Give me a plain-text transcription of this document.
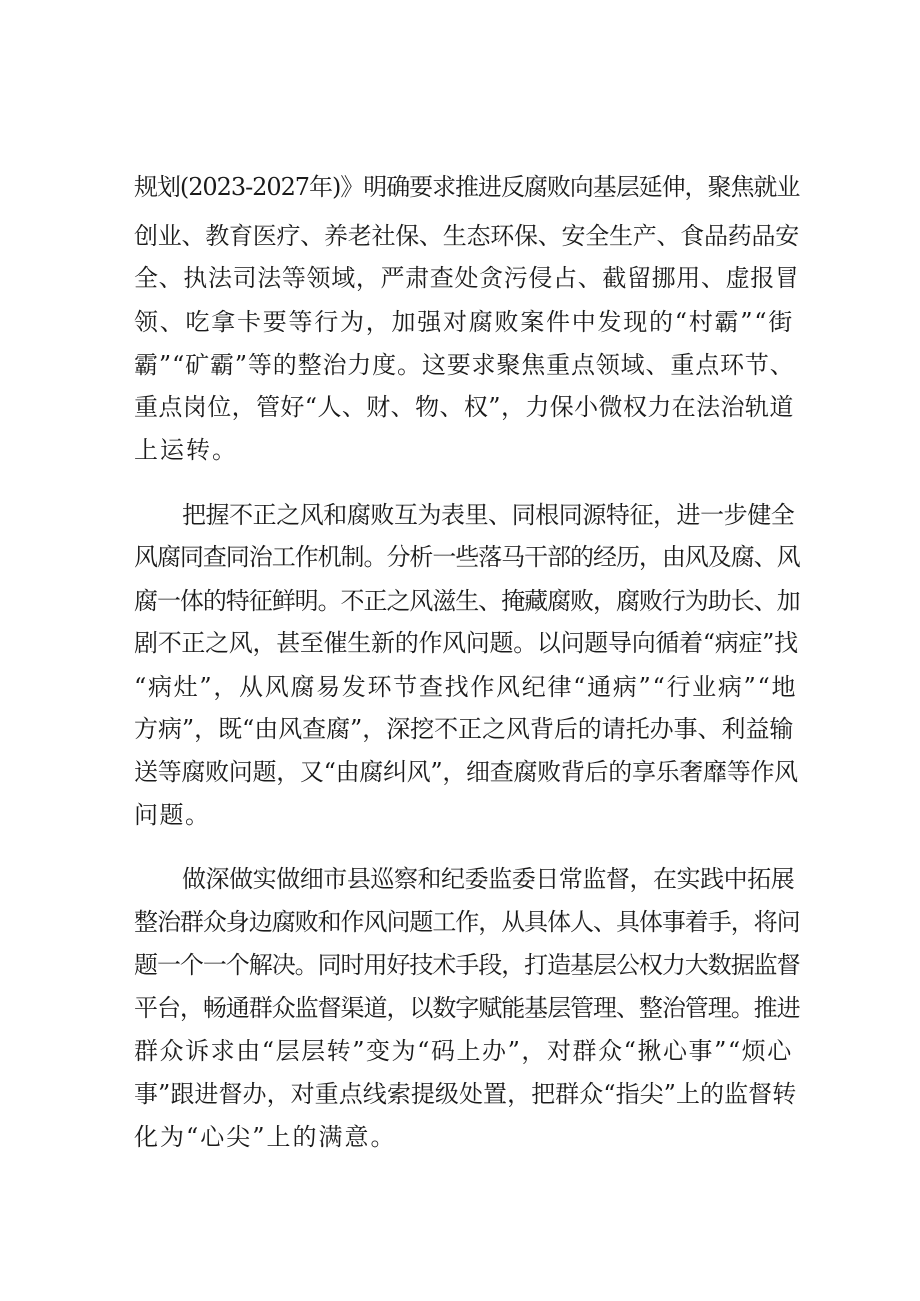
规划(2023-2027年)》明确要求推进反腐败向基层延伸，聚焦就业
创业、教育医疗、养老社保、生态环保、安全生产、食品药品安
全、执法司法等领域，严肃查处贪污侵占、截留挪用、虚报冒
领、吃拿卡要等行为，加强对腐败案件中发现的“村霸”“街
霸”“矿霸”等的整治力度。这要求聚焦重点领域、重点环节、
重点岗位，管好“人、财、物、权”，力保小微权力在法治轨道
上运转。
把握不正之风和腐败互为表里、同根同源特征，进一步健全
风腐同查同治工作机制。分析一些落马干部的经历，由风及腐、风
腐一体的特征鲜明。不正之风滋生、掩藏腐败，腐败行为助长、加
剧不正之风，甚至催生新的作风问题。以问题导向循着“病症”找
“病灶”，从风腐易发环节查找作风纪律“通病”“行业病”“地
方病”，既“由风查腐”，深挖不正之风背后的请托办事、利益输
送等腐败问题，又“由腐纠风”，细查腐败背后的享乐奢靡等作风
问题。
做深做实做细市县巡察和纪委监委日常监督，在实践中拓展
整治群众身边腐败和作风问题工作，从具体人、具体事着手，将问
题一个一个解决。同时用好技术手段，打造基层公权力大数据监督
平台，畅通群众监督渠道，以数字赋能基层管理、整治管理。推进
群众诉求由“层层转”变为“码上办”，对群众“揪心事”“烦心
事”跟进督办，对重点线索提级处置，把群众“指尖”上的监督转
化为“心尖”上的满意。
